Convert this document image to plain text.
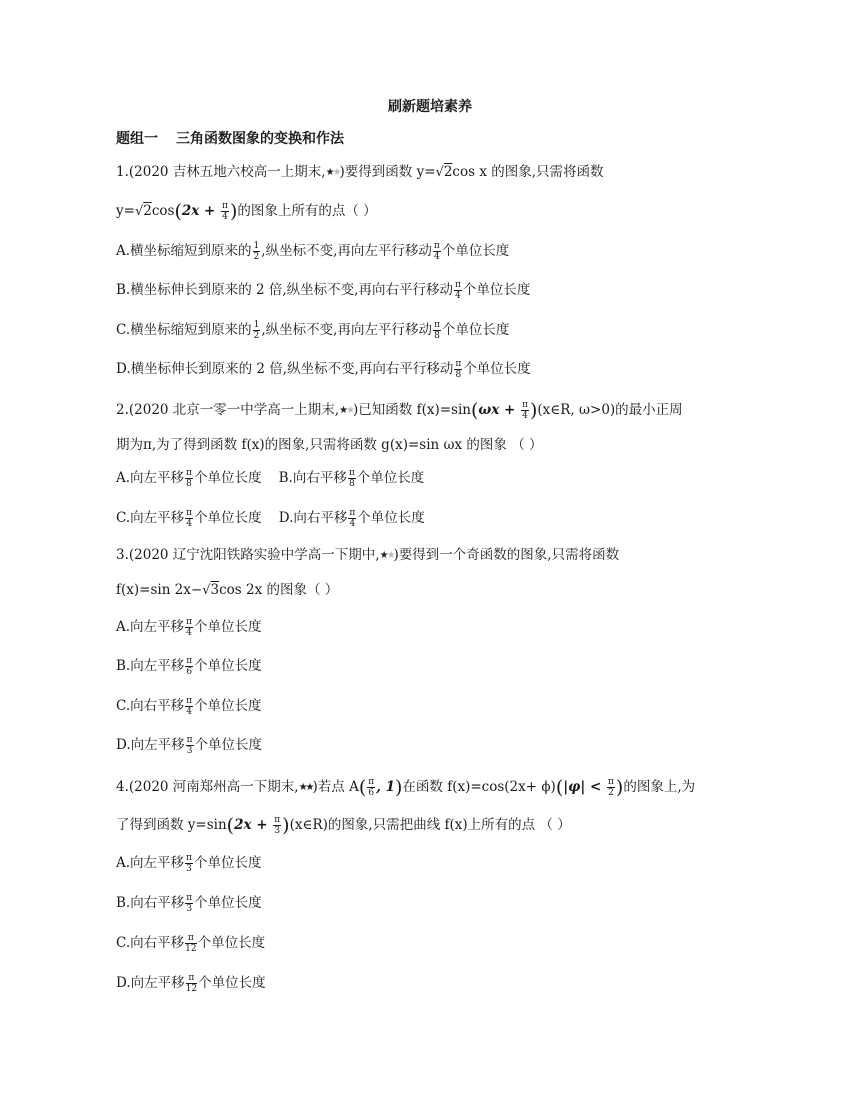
刷新题培素养
题组一 三角函数图象的变换和作法
1.(2020 吉林五地六校高一上期末,★★)要得到函数 y=√2cos x 的图象,只需将函数
$y=√2\cos(2x + \frac{\pi}{4}$ )的图象上所有的点（ ）
A.横坐标缩短到原来的 $\frac{1}{2}$ ,纵坐标不变,再向左平行移动 $\frac{\pi}{4}$ 个单位长度
B.横坐标伸长到原来的 2 倍,纵坐标不变,再向右平行移动 $\frac{\pi}{4}$ 个单位长度
C.横坐标缩短到原来的 $\frac{1}{2}$ ,纵坐标不变,再向左平行移动 $\frac{\pi}{8}$ 个单位长度
D.横坐标伸长到原来的 2 倍,纵坐标不变,再向右平行移动 $\frac{\pi}{8}$ 个单位长度
2.(2020 北京一零一中学高一上期末,★★)已知函数 $f(x)=\sin(\omega x + \frac{\pi}{4}$ )(x∈R, ω>0)的最小正周
期为π,为了得到函数 f(x)的图象,只需将函数 g(x)=sin ωx 的图象 （ ）
A.向左平移 $\frac{\pi}{8}$ 个单位长度 B.向右平移 $\frac{\pi}{8}$ 个单位长度
C.向左平移 $\frac{\pi}{4}$ 个单位长度 D.向右平移 $\frac{\pi}{4}$ 个单位长度
3.(2020 辽宁沈阳铁路实验中学高一下期中,★★)要得到一个奇函数的图象,只需将函数
f(x)=sin 2x−√3cos 2x 的图象（ ）
A.向左平移 $\frac{\pi}{4}$ 个单位长度
B.向左平移 $\frac{\pi}{6}$ 个单位长度
C.向右平移 $\frac{\pi}{4}$ 个单位长度
D.向左平移 $\frac{\pi}{3}$ 个单位长度
4.(2020 河南郑州高一下期末,★★)若点 $A( \frac{\pi}{6}$ , 1)在函数 $f(x)=\cos(2x+ \phi)(|\varphi| < \frac{\pi}{2}$ )的图象上,为
了得到函数 $y=\sin(2x + \frac{\pi}{3}$ )(x∈R)的图象,只需把曲线 f(x)上所有的点 （ ）
A.向左平移 $\frac{\pi}{3}$ 个单位长度
B.向右平移 $\frac{\pi}{3}$ 个单位长度
C.向右平移 $\frac{\pi}{12}$ 个单位长度
D.向左平移 $\frac{\pi}{12}$ 个单位长度
